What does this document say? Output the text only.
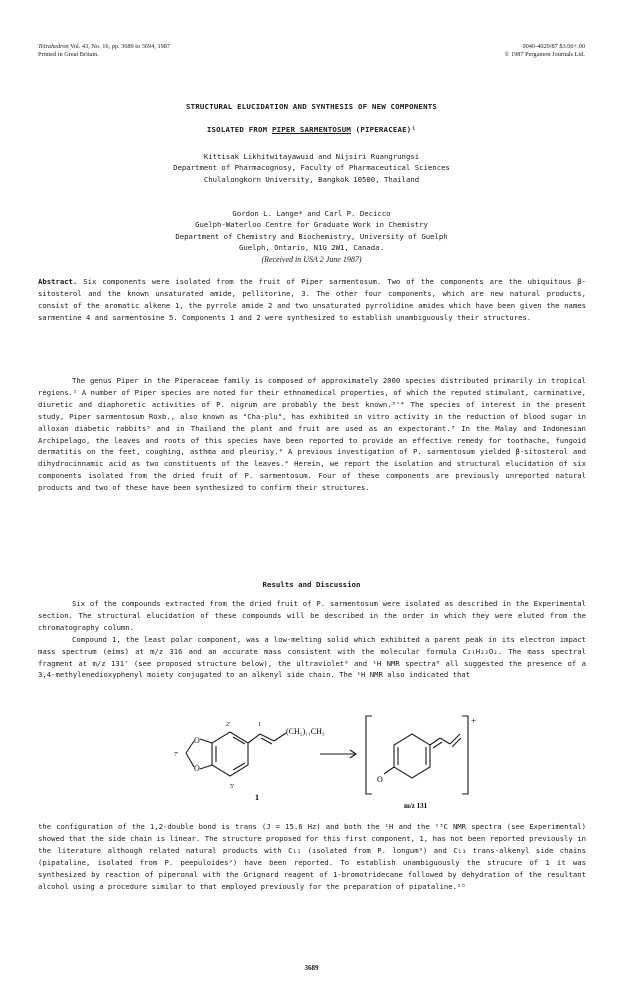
Tetrahedron Vol. 43, No. 16, pp. 3689 to 3694, 1987
Printed in Great Britain.
0040-4020/87 $3.00+.00
© 1987 Pergamon Journals Ltd.
STRUCTURAL ELUCIDATION AND SYNTHESIS OF NEW COMPONENTS
ISOLATED FROM PIPER SARMENTOSUM (PIPERACEAE)¹
Kittisak Likhitwitayawuid and Nijsiri Ruangrungsi
Department of Pharmacognosy, Faculty of Pharmaceutical Sciences
Chulalongkorn University, Bangkok 10500, Thailand
Gordon L. Lange* and Carl P. Decicco
Guelph-Waterloo Centre for Graduate Work in Chemistry
Department of Chemistry and Biochemistry, University of Guelph
Guelph, Ontario, N1G 2W1, Canada.
(Received in USA 2 June 1987)

Abstract. Six components were isolated from the fruit of Piper sarmentosum. Two of the components are the ubiquitous β-sitosterol and the known unsaturated amide, pellitorine, 3. The other four components, which are new natural products, consist of the aromatic alkene 1, the pyrrole amide 2 and two unsaturated pyrrolidine amides which have been given the names sarmentine 4 and sarmentosine 5. Components 1 and 2 were synthesized to establish unambiguously their structures.

The genus Piper in the Piperaceae family is composed of approximately 2000 species distributed primarily in tropical regions.² A number of Piper species are noted for their ethnomedical properties, of which the reputed stimulant, carminative, diuretic and diaphoretic activities of P. nigrum are probably the best known.³'⁴ The species of interest in the present study, Piper sarmentosum Roxb., also known as "Cha-plu", has exhibited in vitro activity in the reduction of blood sugar in alloxan diabetic rabbits⁵ and in Thailand the plant and fruit are used as an expectorant.³ In the Malay and Indonesian Archipelago, the leaves and roots of this species have been reported to provide an effective remedy for toothache, fungoid dermatitis on the feet, coughing, asthma and pleurisy.⁶ A previous investigation of P. sarmentosum yielded β-sitosterol and dihydrocinnamic acid as two constituents of the leaves.⁴ Herein, we report the isolation and structural elucidation of six components isolated from the dried fruit of P. sarmentosum. Four of these components are previously unreported natural products and two of these have been synthesized to confirm their structures.

Results and Discussion

Six of the compounds extracted from the dried fruit of P. sarmentosum were isolated as described in the Experimental section. The structural elucidation of these compounds will be described in the order in which they were eluted from the chromatography column.

Compound 1, the least polar component, was a low-melting solid which exhibited a parent peak in its electron impact mass spectrum (eims) at m/z 316 and an accurate mass consistent with the molecular formula C₂₁H₃₂O₂. The mass spectral fragment at m/z 131⁷ (see proposed structure below), the ultraviolet⁸ and ¹H NMR spectra⁸ all suggested the presence of a 3,4-methylenedioxyphenyl moiety conjugated to an alkenyl side chain. The ¹H NMR also indicated that

O
O
(CH₂)₁₁CH₃
2'	1
7'
5'
1
+
O
m/z 131

the configuration of the 1,2-double bond is trans (J = 15.6 Hz) and both the ¹H and the ¹³C NMR spectra (see Experimental) showed that the side chain is linear. The structure proposed for this first component, 1, has not been reported previously in the literature although related natural products with C₁₁ (isolated from P. longum⁹) and C₁₃ trans-alkenyl side chains (pipataline, isolated from P. peepuloides⁹) have been reported. To establish unambiguously the strucure of 1 it was synthesized by reaction of piperonal with the Grignard reagent of 1-bromotridecane followed by dehydration of the resultant alcohol using a procedure similar to that employed previously for the preparation of pipataline.¹⁰

3689
